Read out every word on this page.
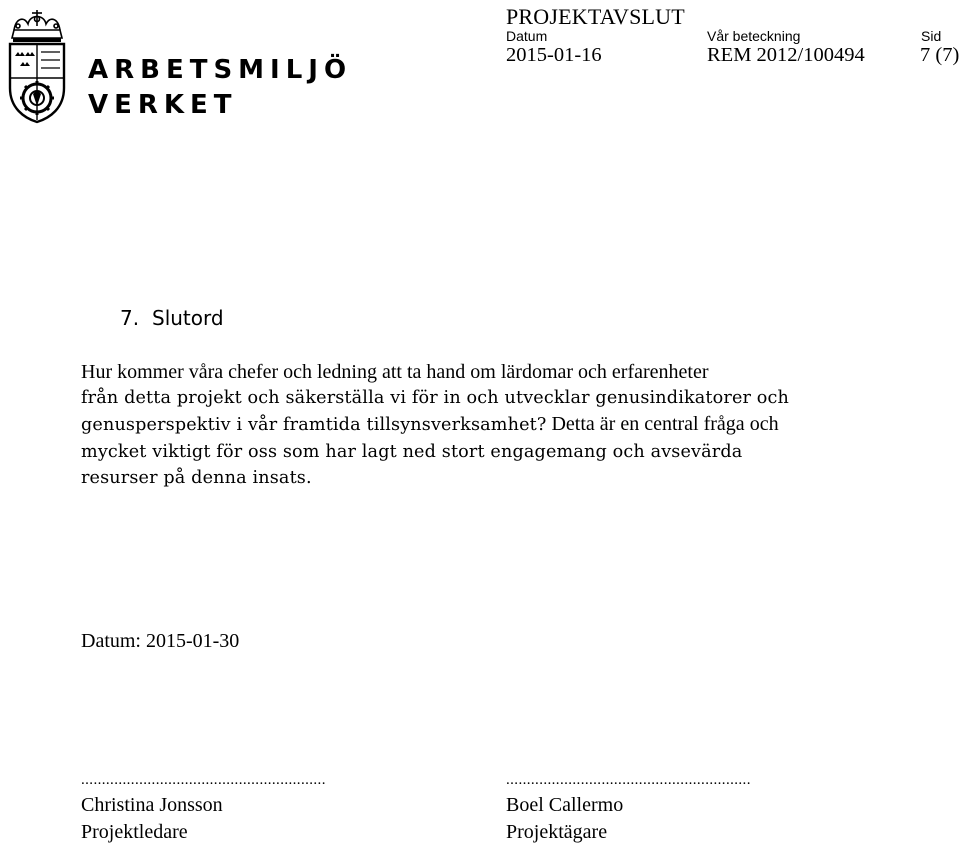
ARBETSMILJÖ
VERKET
PROJEKTAVSLUT
Datum
2015-01-16
Vår beteckning
REM 2012/100494
Sid
7 (7)
7. Slutord
Hur kommer våra chefer och ledning att ta hand om lärdomar och erfarenheter
från detta projekt och säkerställa vi för in och utvecklar genusindikatorer och
genusperspektiv i vår framtida tillsynsverksamhet? Detta är en central fråga och
mycket viktigt för oss som har lagt ned stort engagemang och avsevärda
resurser på denna insats.
Datum: 2015-01-30
...........................................................
Christina Jonsson
Projektledare
...........................................................
Boel Callermo
Projektägare
